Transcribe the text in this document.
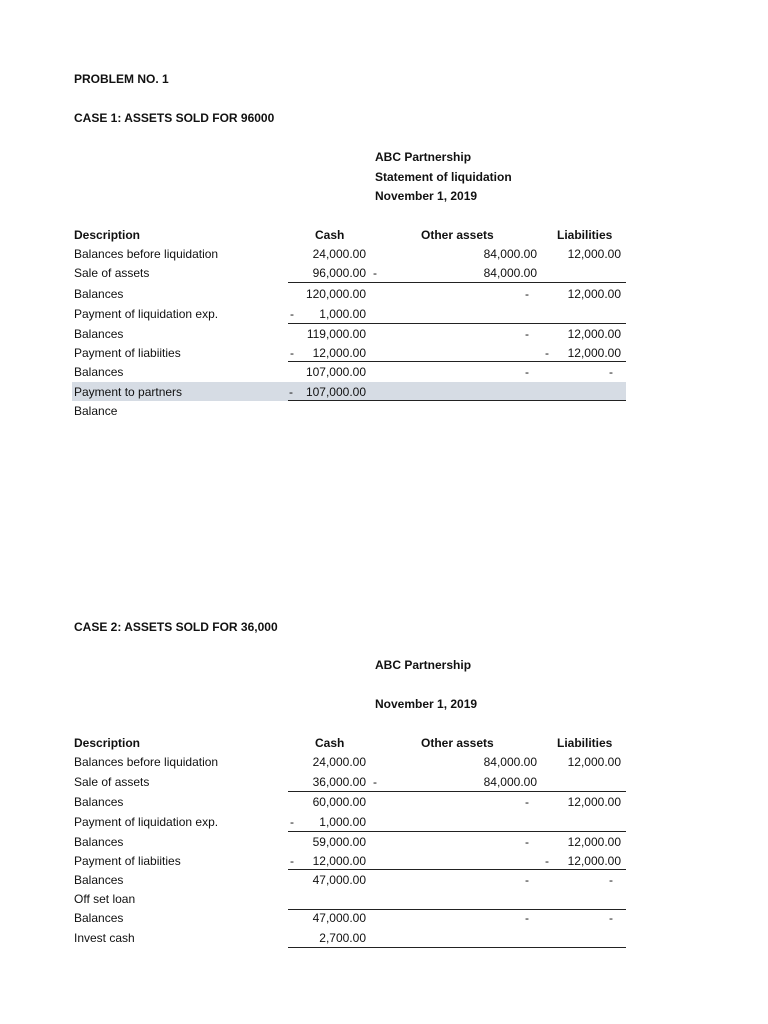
PROBLEM NO. 1
CASE 1: ASSETS SOLD FOR 96000
ABC Partnership
Statement of liquidation
November 1, 2019
Description	Cash	Other assets	Liabilities
Balances before liquidation	24,000.00	84,000.00	12,000.00
Sale of assets	96,000.00 -	84,000.00
Balances	120,000.00	-	12,000.00
Payment of liquidation exp.	-	1,000.00
Balances	119,000.00	-	12,000.00
Payment of liabiities	-	12,000.00	-	12,000.00
Balances	107,000.00	-	-
Payment to partners	-	107,000.00
Balance
CASE 2: ASSETS SOLD FOR 36,000
ABC Partnership
November 1, 2019
Description	Cash	Other assets	Liabilities
Balances before liquidation	24,000.00	84,000.00	12,000.00
Sale of assets	36,000.00 -	84,000.00
Balances	60,000.00	-	12,000.00
Payment of liquidation exp.	-	1,000.00
Balances	59,000.00	-	12,000.00
Payment of liabiities	-	12,000.00	-	12,000.00
Balances	47,000.00	-	-
Off set loan
Balances	47,000.00	-	-
Invest cash	2,700.00
